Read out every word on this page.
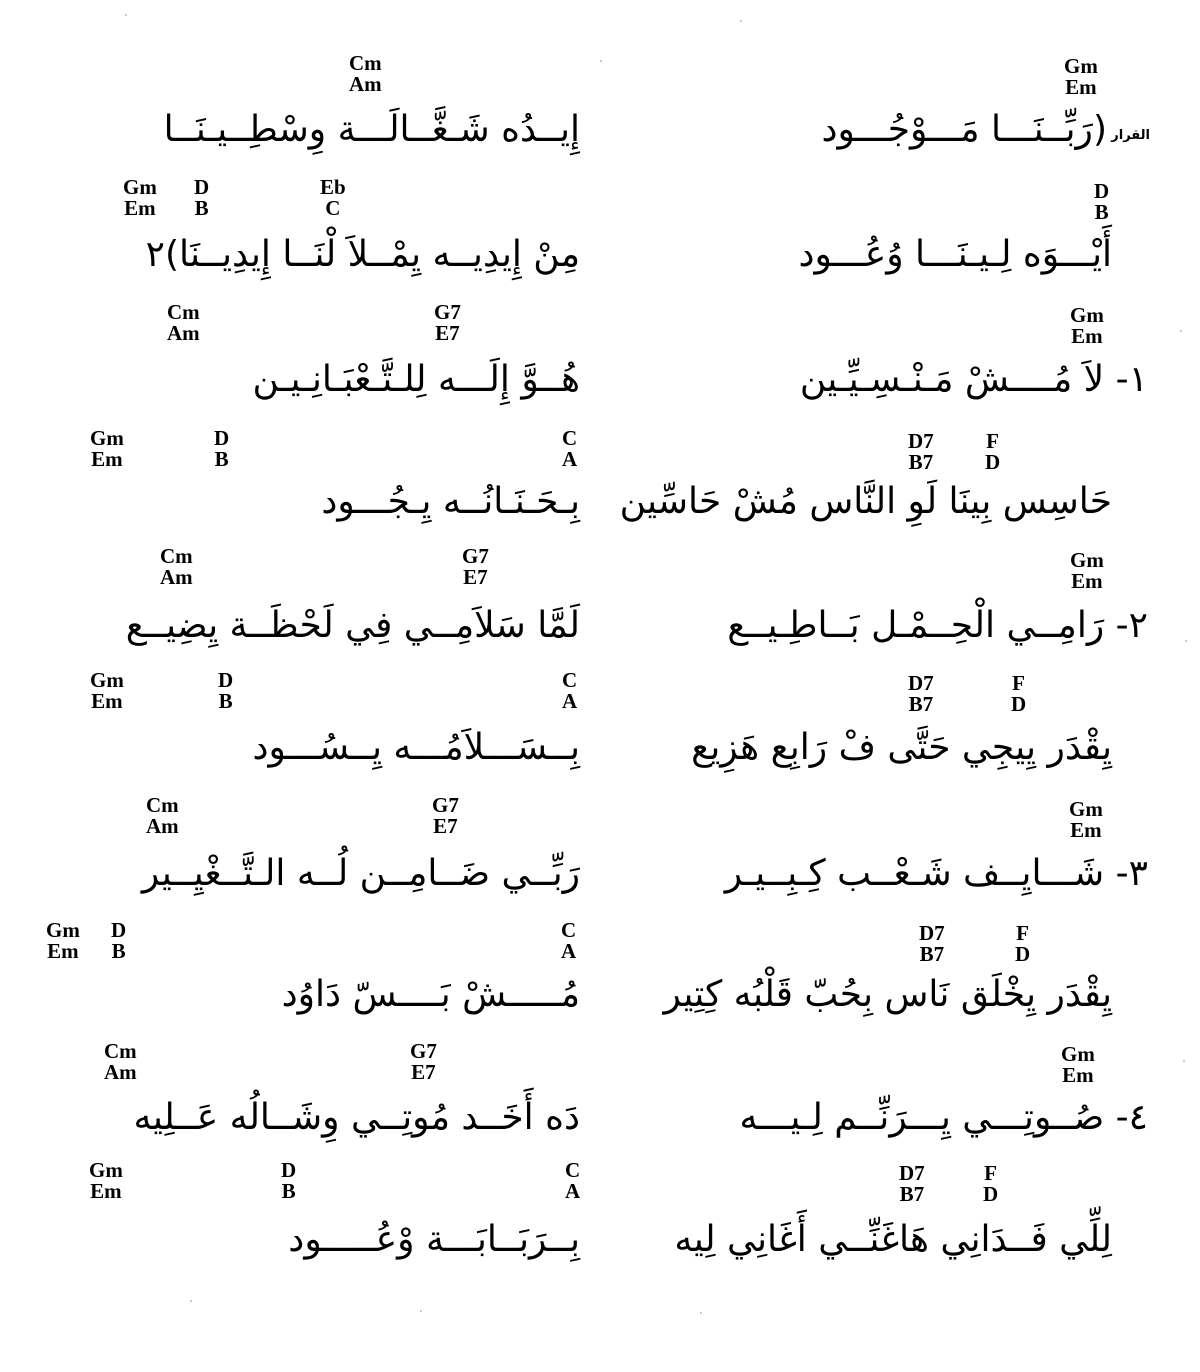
Cm
Am
Gm
Em
Gm
Em
D
B
Eb
C
D
B
Cm
Am
G7
E7
Gm
Em
Gm
Em
D
B
C
A
D7
B7
F
D
Cm
Am
G7
E7
Gm
Em
Gm
Em
D
B
C
A
D7
B7
F
D
Cm
Am
G7
E7
Gm
Em
Gm
Em
D
B
C
A
D7
B7
F
D
Cm
Am
G7
E7
Gm
Em
Gm
Em
D
B
C
A
D7
B7
F
D
القرار
(رَبِّــنَـــا مَـــوْجُـــود
إِيــدُه شَـغَّــالَـــة وِسْطِــيـنَــا
أَيْـــوَه لِـيـنَـــا وُعُـــود
مِنْ إِيدِيــه يِمْــلاَ لْنَــا إِيدِيــنَا)٢
١- لاَ مُــــشْ مَـنْـسِـيِّـين
هُــوَّ إِلَـــه لِلـتَّـعْبَـانِـيـن
حَاسِس بِينَا لَوِ النَّاس مُشْ حَاسِّين
بِـحَـنَـانُــه يِـجُـــود
٢- رَامِــي الْحِــمْـل بَــاطِـيــع
لَمَّا سَلاَمِــي فِي لَحْظَــة يِضِيــع
يِقْدَر يِيجِي حَتَّى فْ رَابِع هَزِيع
بِــسَـــلاَمُـــه يِــسُـــود
٣- شَـــايِــف شَـعْــب كِـبِــيـر
رَبِّــي ضَــامِــن لُــه الـتَّــغْيِــير
يِقْدَر يِخْلَق نَاس بِحُبّ قَلْبُه كِتِير
مُـــــشْ بَــــسّ دَاوُد
٤- صُــوتِـــي يِـــرَنِّــم لِـيـــه
دَه أَخَــد مُوتِــي وِشَــالُه عَــلِيه
لِلِّي فَــدَانِي هَاغَنِّــي أَغَانِي لِيه
بِــرَبَــابَـــة وْعُـــــود
